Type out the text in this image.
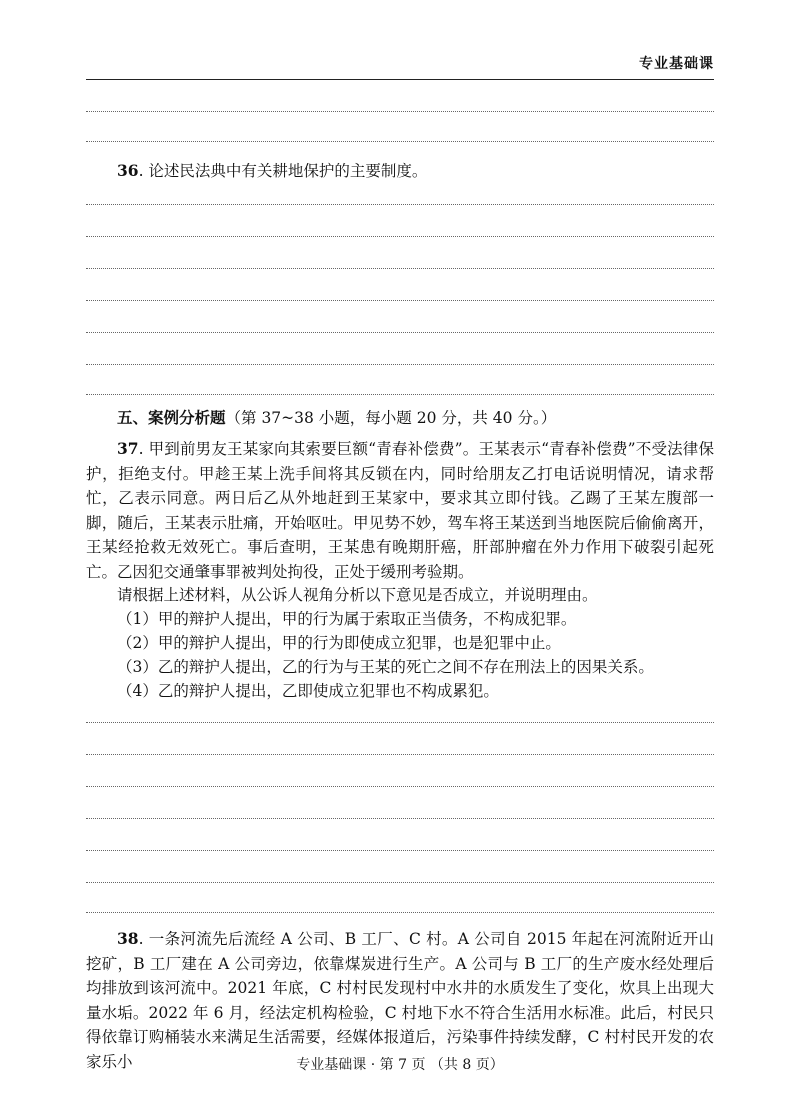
专业基础课

36. 论述民法典中有关耕地保护的主要制度。

五、案例分析题（第 37~38 小题，每小题 20 分，共 40 分。）

37. 甲到前男友王某家向其索要巨额“青春补偿费”。王某表示“青春补偿费”不受法律保护，拒绝支付。甲趁王某上洗手间将其反锁在内，同时给朋友乙打电话说明情况，请求帮忙，乙表示同意。两日后乙从外地赶到王某家中，要求其立即付钱。乙踢了王某左腹部一脚，随后，王某表示肚痛，开始呕吐。甲见势不妙，驾车将王某送到当地医院后偷偷离开，王某经抢救无效死亡。事后查明，王某患有晚期肝癌，肝部肿瘤在外力作用下破裂引起死亡。乙因犯交通肇事罪被判处拘役，正处于缓刑考验期。

请根据上述材料，从公诉人视角分析以下意见是否成立，并说明理由。

（1）甲的辩护人提出，甲的行为属于索取正当债务，不构成犯罪。

（2）甲的辩护人提出，甲的行为即使成立犯罪，也是犯罪中止。

（3）乙的辩护人提出，乙的行为与王某的死亡之间不存在刑法上的因果关系。

（4）乙的辩护人提出，乙即使成立犯罪也不构成累犯。

38. 一条河流先后流经 A 公司、B 工厂、C 村。A 公司自 2015 年起在河流附近开山挖矿，B 工厂建在 A 公司旁边，依靠煤炭进行生产。A 公司与 B 工厂的生产废水经处理后均排放到该河流中。2021 年底，C 村村民发现村中水井的水质发生了变化，炊具上出现大量水垢。2022 年 6 月，经法定机构检验，C 村地下水不符合生活用水标准。此后，村民只得依靠订购桶装水来满足生活需要，经媒体报道后，污染事件持续发酵，C 村村民开发的农家乐小	专业基础课 · 第 7 页 （共 8 页）
